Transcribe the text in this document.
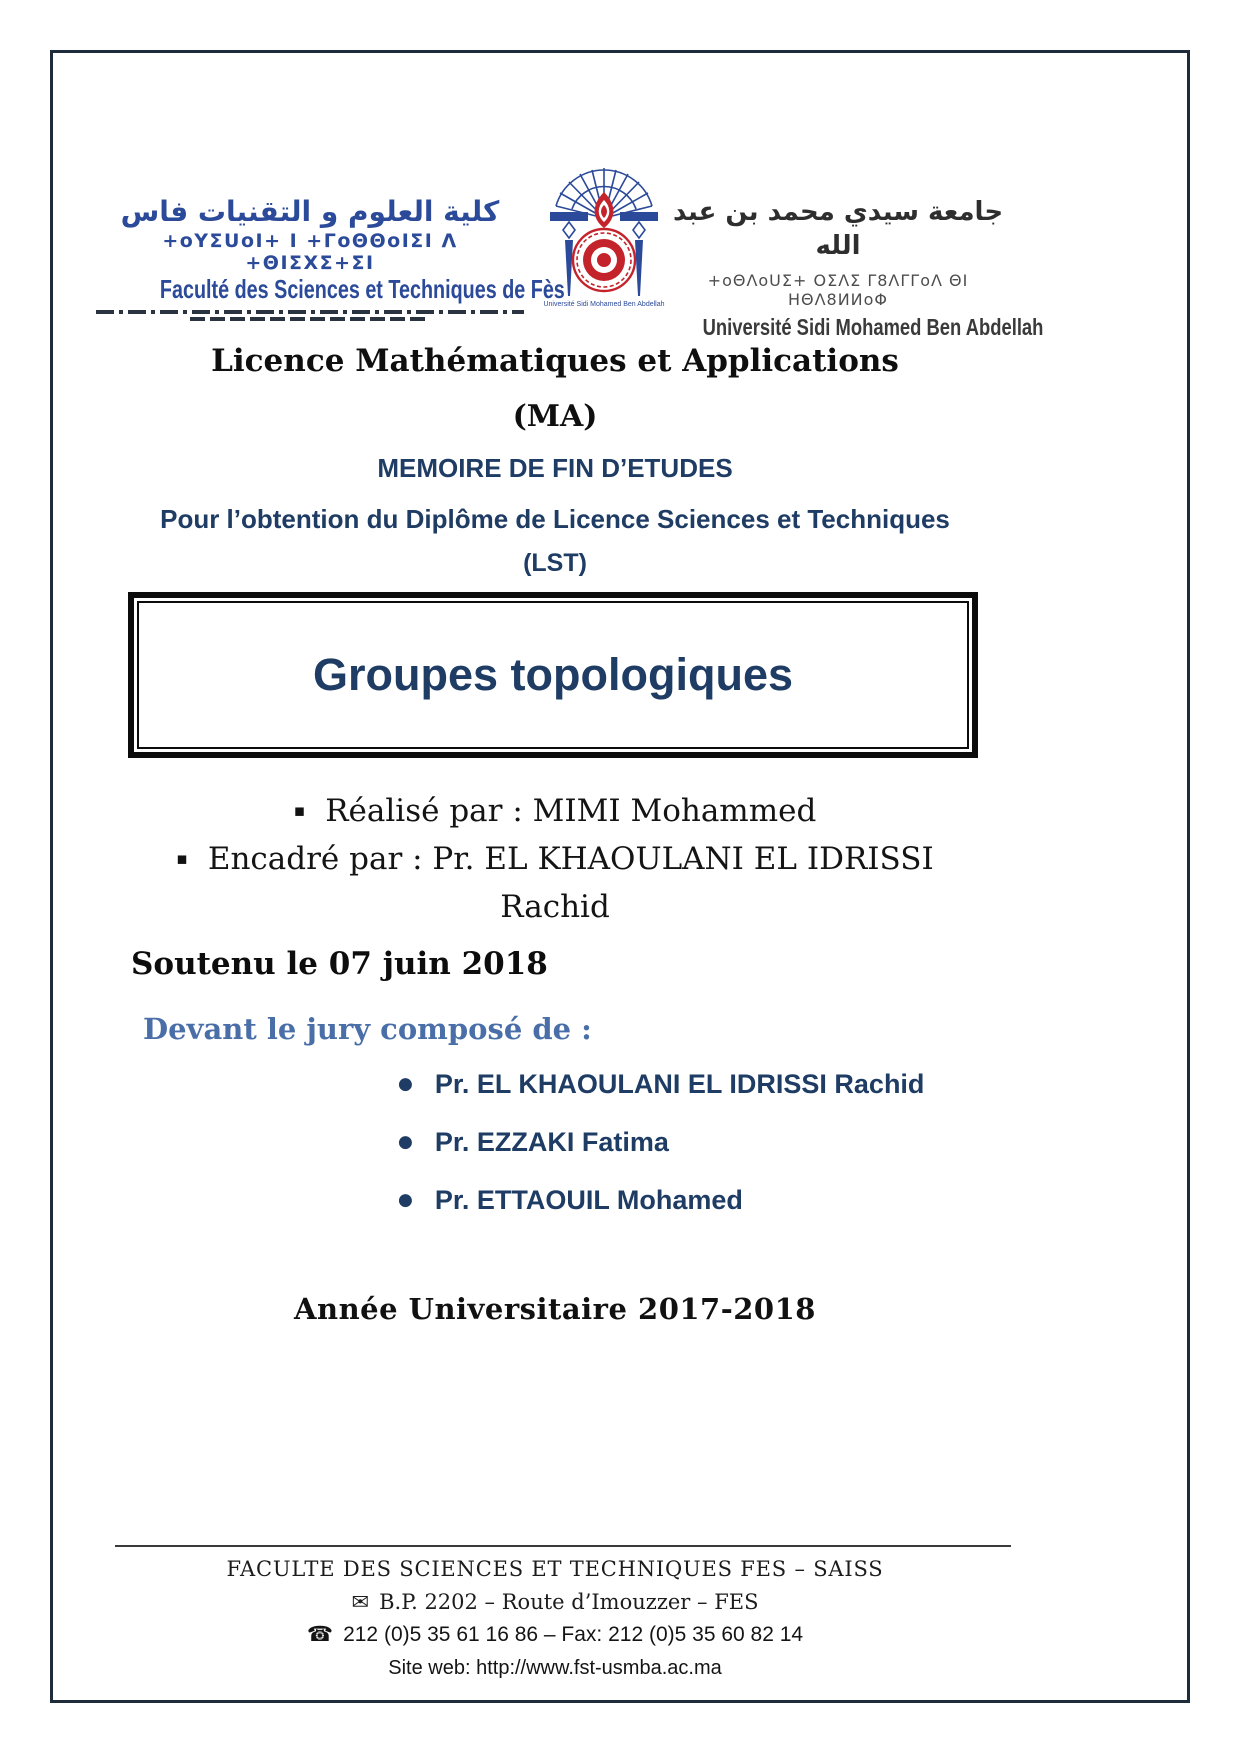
كلية العلوم و التقنيات فاس
+oYΣUoI+ I +ΓoΘΘoIΣI Λ +ΘIΣXΣ+ΣI
Faculté des Sciences et Techniques de Fès
Université Sidi Mohamed Ben Abdellah
جامعة سيدي محمد بن عبد الله
+oΘΛoUΣ+ OΣΛΣ Γ8ΛΓΓoΛ ΘI ΗΘΛ8ИИoΦ
Université Sidi Mohamed Ben Abdellah
Licence Mathématiques et Applications
(MA)
MEMOIRE DE FIN D’ETUDES
Pour l’obtention du Diplôme de Licence Sciences et Techniques
(LST)
Groupes topologiques
▪ Réalisé par : MIMI Mohammed
▪ Encadré par : Pr. EL KHAOULANI EL IDRISSI
Rachid
Soutenu le 07 juin 2018
Devant le jury composé de :
● Pr. EL KHAOULANI EL IDRISSI Rachid
● Pr. EZZAKI Fatima
● Pr. ETTAOUIL Mohamed
Année Universitaire 2017-2018
FACULTE DES SCIENCES ET TECHNIQUES FES – SAISS
✉ B.P. 2202 – Route d’Imouzzer – FES
☎ 212 (0)5 35 61 16 86 – Fax: 212 (0)5 35 60 82 14
Site web: http://www.fst-usmba.ac.ma
